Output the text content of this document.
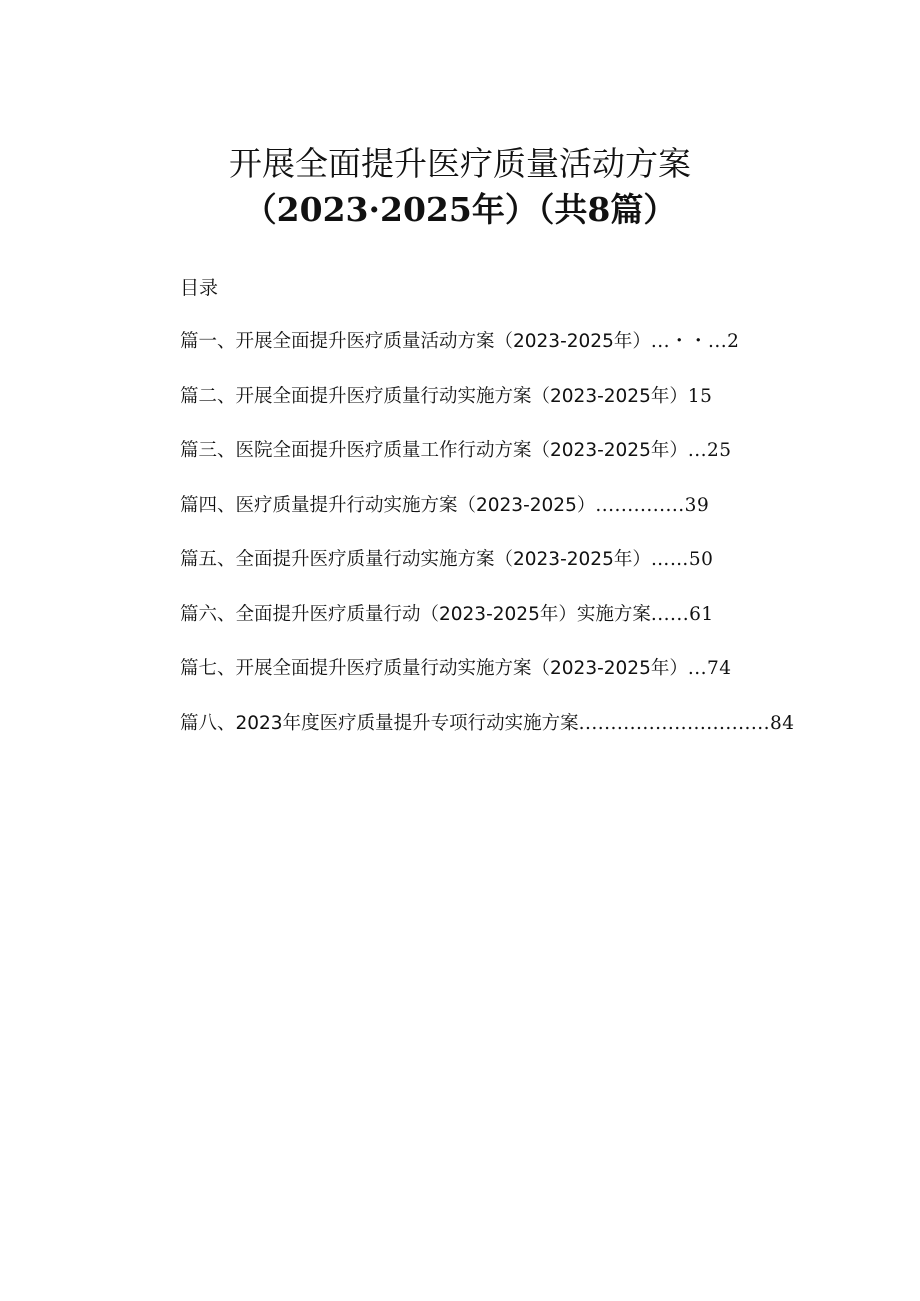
开展全面提升医疗质量活动方案
（2023·2025年）（共8篇）
目录
篇一、开展全面提升医疗质量活动方案（2023-2025年）...・・...2
篇二、开展全面提升医疗质量行动实施方案（2023-2025年）15
篇三、医院全面提升医疗质量工作行动方案（2023-2025年）...25
篇四、医疗质量提升行动实施方案（2023-2025）..............39
篇五、全面提升医疗质量行动实施方案（2023-2025年）……50
篇六、全面提升医疗质量行动（2023-2025年）实施方案......61
篇七、开展全面提升医疗质量行动实施方案（2023-2025年）...74
篇八、2023年度医疗质量提升专项行动实施方案..............................84
